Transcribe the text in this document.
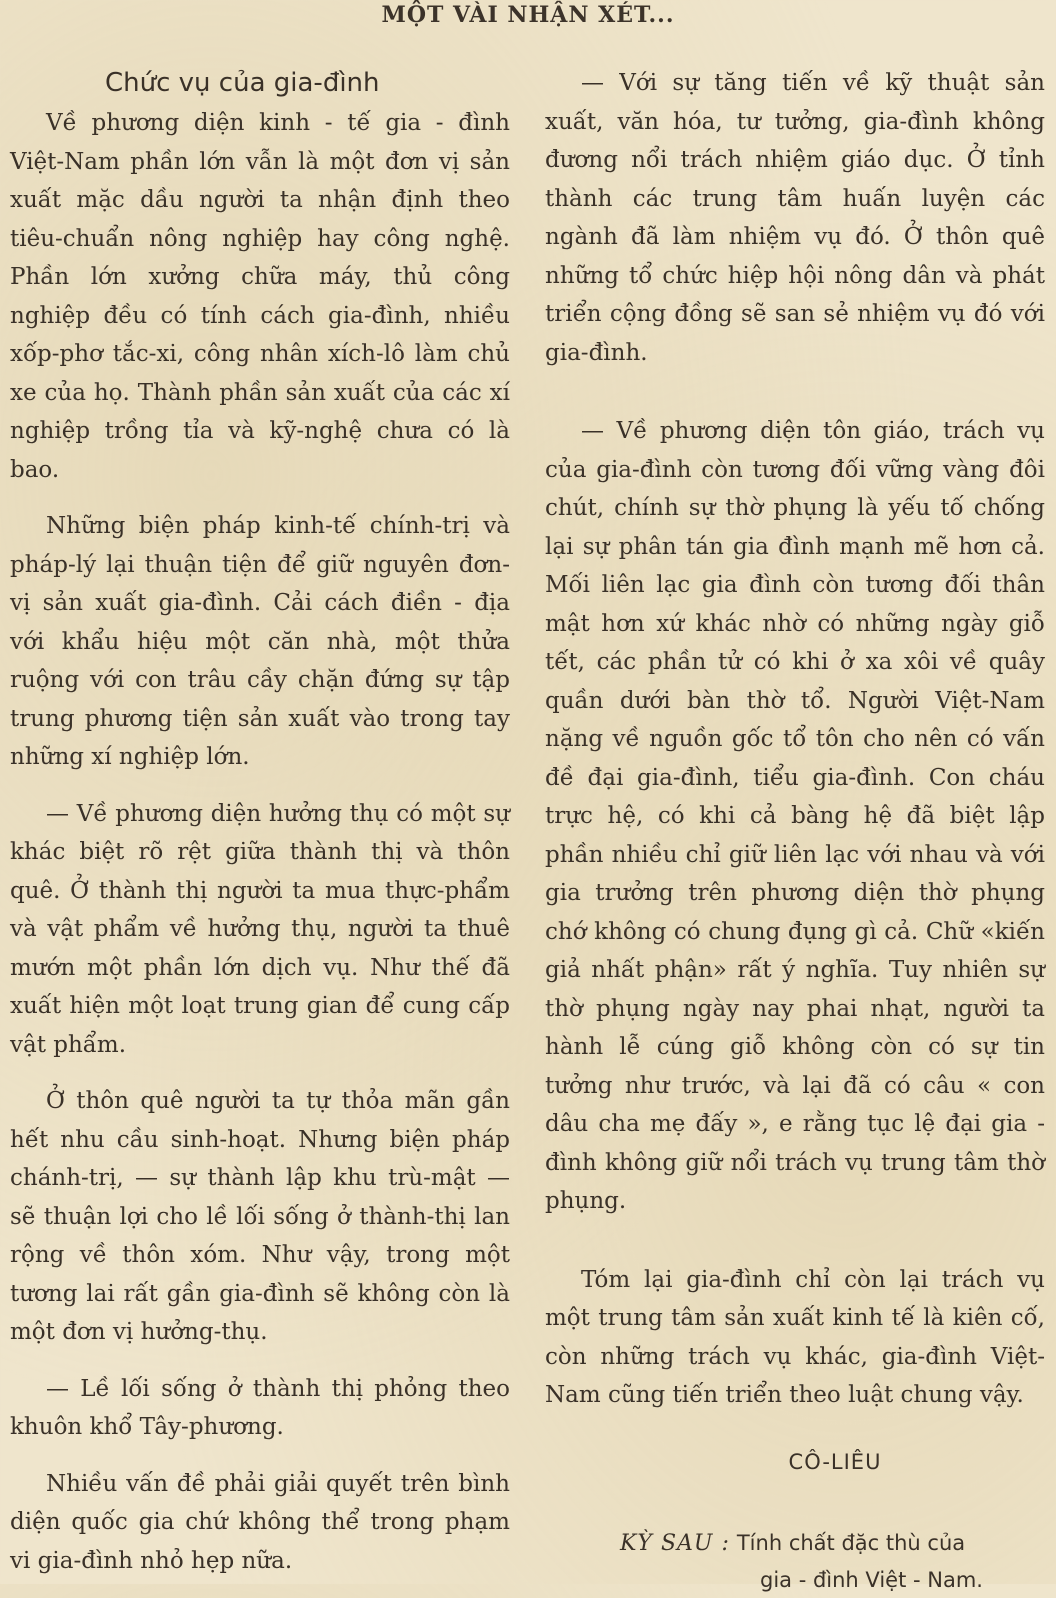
MỘT VÀI NHẬN XÉT...
Chức vụ của gia-đình

Về phương diện kinh - tế gia - đình Việt-Nam phần lớn vẫn là một đơn vị sản xuất mặc dầu người ta nhận định theo tiêu-chuẩn nông nghiệp hay công nghệ. Phần lớn xưởng chữa máy, thủ công nghiệp đều có tính cách gia-đình, nhiều xốp-phơ tắc-xi, công nhân xích-lô làm chủ xe của họ. Thành phần sản xuất của các xí nghiệp trồng tỉa và kỹ-nghệ chưa có là bao.

Những biện pháp kinh-tế chính-trị và pháp-lý lại thuận tiện để giữ nguyên đơn-vị sản xuất gia-đình. Cải cách điền - địa với khẩu hiệu một căn nhà, một thửa ruộng với con trâu cầy chặn đứng sự tập trung phương tiện sản xuất vào trong tay những xí nghiệp lớn.

— Về phương diện hưởng thụ có một sự khác biệt rõ rệt giữa thành thị và thôn quê. Ở thành thị người ta mua thực-phẩm và vật phẩm về hưởng thụ, người ta thuê mướn một phần lớn dịch vụ. Như thế đã xuất hiện một loạt trung gian để cung cấp vật phẩm.

Ở thôn quê người ta tự thỏa mãn gần hết nhu cầu sinh-hoạt. Nhưng biện pháp chánh-trị, — sự thành lập khu trù-mật — sẽ thuận lợi cho lề lối sống ở thành-thị lan rộng về thôn xóm. Như vậy, trong một tương lai rất gần gia-đình sẽ không còn là một đơn vị hưởng-thụ.

— Lề lối sống ở thành thị phỏng theo khuôn khổ Tây-phương.

Nhiều vấn đề phải giải quyết trên bình diện quốc gia chứ không thể trong phạm vi gia-đình nhỏ hẹp nữa.

— Với sự tăng tiến về kỹ thuật sản xuất, văn hóa, tư tưởng, gia-đình không đương nổi trách nhiệm giáo dục. Ở tỉnh thành các trung tâm huấn luyện các ngành đã làm nhiệm vụ đó. Ở thôn quê những tổ chức hiệp hội nông dân và phát triển cộng đồng sẽ san sẻ nhiệm vụ đó với gia-đình.

— Về phương diện tôn giáo, trách vụ của gia-đình còn tương đối vững vàng đôi chút, chính sự thờ phụng là yếu tố chống lại sự phân tán gia đình mạnh mẽ hơn cả. Mối liên lạc gia đình còn tương đối thân mật hơn xứ khác nhờ có những ngày giỗ tết, các phần tử có khi ở xa xôi về quây quần dưới bàn thờ tổ. Người Việt-Nam nặng về nguồn gốc tổ tôn cho nên có vấn đề đại gia-đình, tiểu gia-đình. Con cháu trực hệ, có khi cả bàng hệ đã biệt lập phần nhiều chỉ giữ liên lạc với nhau và với gia trưởng trên phương diện thờ phụng chớ không có chung đụng gì cả. Chữ «kiến giả nhất phận» rất ý nghĩa. Tuy nhiên sự thờ phụng ngày nay phai nhạt, người ta hành lễ cúng giỗ không còn có sự tin tưởng như trước, và lại đã có câu « con dâu cha mẹ đấy », e rằng tục lệ đại gia - đình không giữ nổi trách vụ trung tâm thờ phụng.

Tóm lại gia-đình chỉ còn lại trách vụ một trung tâm sản xuất kinh tế là kiên cố, còn những trách vụ khác, gia-đình Việt-Nam cũng tiến triển theo luật chung vậy.

CÔ-LIÊU
KỲ SAU : Tính chất đặc thù của
gia - đình Việt - Nam.
